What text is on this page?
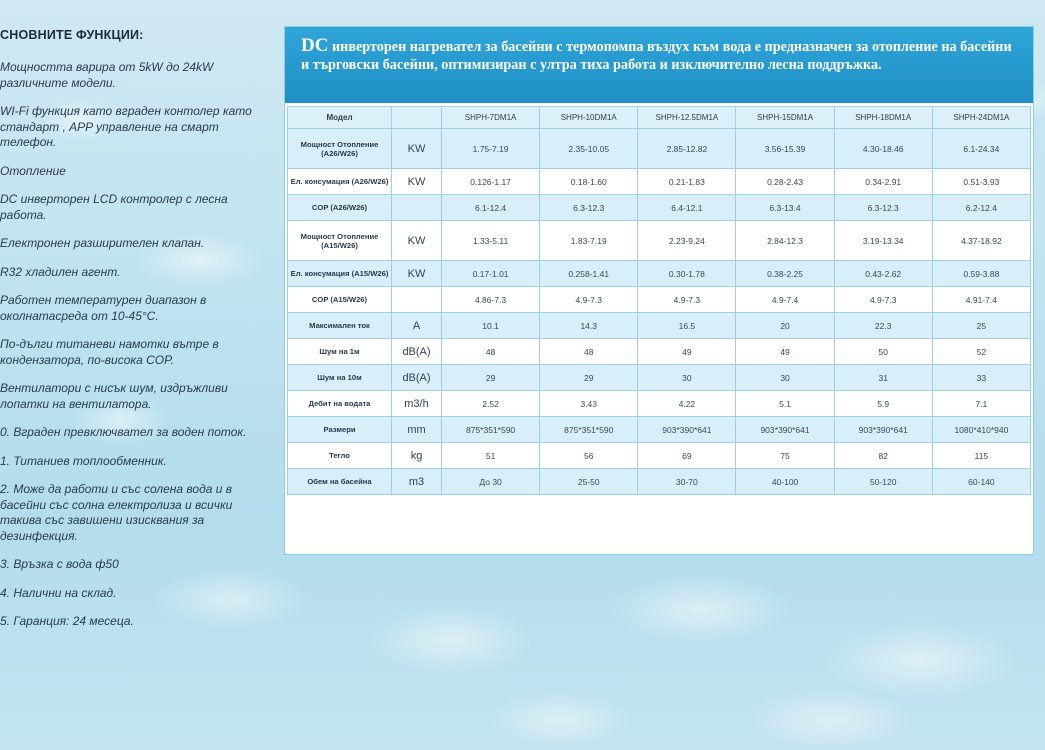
СНОВНИТЕ ФУНКЦИИ:
Мощността варира от 5kW до 24kW различните модели.
WI-Fi функция като вграден контолер като стандарт , APP управление на смарт телефон.
Отопление
DC инверторен LCD контролер с лесна работа.
Електронен разширителен клапан.
R32 хладилен агент.
Работен температурен диапазон в околнатасреда от 10-45°C.
По-дълги титаневи намотки вътре в кондензатора, по-висока COP.
Вентилатори с нисък шум, издръжливи лопатки на вентилатора.
0. Вграден превключвател за воден поток.
1. Титаниев топлообменник.
2. Може да работи и със солена вода и в басейни със солна електролиза и всички такива със завишени изисквания за дезинфекция.
3. Връзка с вода ф50
4. Налични на склад.
5. Гаранция: 24 месеца.
DC инверторен нагревател за басейни с термопомпа въздух към вода е предназначен за отопление на басейни и търговски басейни, оптимизиран с ултра тиха работа и изключително лесна поддръжка.
Модел		SHPH-7DM1A	SHPH-10DM1A	SHPH-12.5DM1A	SHPH-15DM1A	SHPH-18DM1A	SHPH-24DM1A
Мощност Отопление (A26/W26)	KW	1.75-7.19	2.35-10.05	2.85-12.82	3.56-15.39	4.30-18.46	6.1-24.34
Ел. консумация (A26/W26)	KW	0.126-1.17	0.18-1.60	0.21-1.83	0.28-2.43	0.34-2.91	0.51-3.93
COP (A26/W26)		6.1-12.4	6.3-12.3	6.4-12.1	6.3-13.4	6.3-12.3	6.2-12.4
Мощност Отопление (A15/W26)	KW	1.33-5.11	1.83-7.19	2.23-9.24	2.84-12.3	3.19-13.34	4.37-18.92
Ел. консумация (A15/W26)	KW	0.17-1.01	0.258-1.41	0.30-1.78	0.38-2.25	0.43-2.62	0.59-3.88
COP (A15/W26)		4.86-7.3	4.9-7.3	4.9-7.3	4.9-7.4	4.9-7.3	4.91-7.4
Максимален ток	A	10.1	14.3	16.5	20	22.3	25
Шум на 1м	dB(A)	48	48	49	49	50	52
Шум на 10м	dB(A)	29	29	30	30	31	33
Дебит на водата	m3/h	2.52	3.43	4.22	5.1	5.9	7.1
Размери	mm	875*351*590	875*351*590	903*390*641	903*390*641	903*390*641	1080*410*940
Тегло	kg	51	56	69	75	82	115
Обем на басейна	m3	До 30	25-50	30-70	40-100	50-120	60-140
